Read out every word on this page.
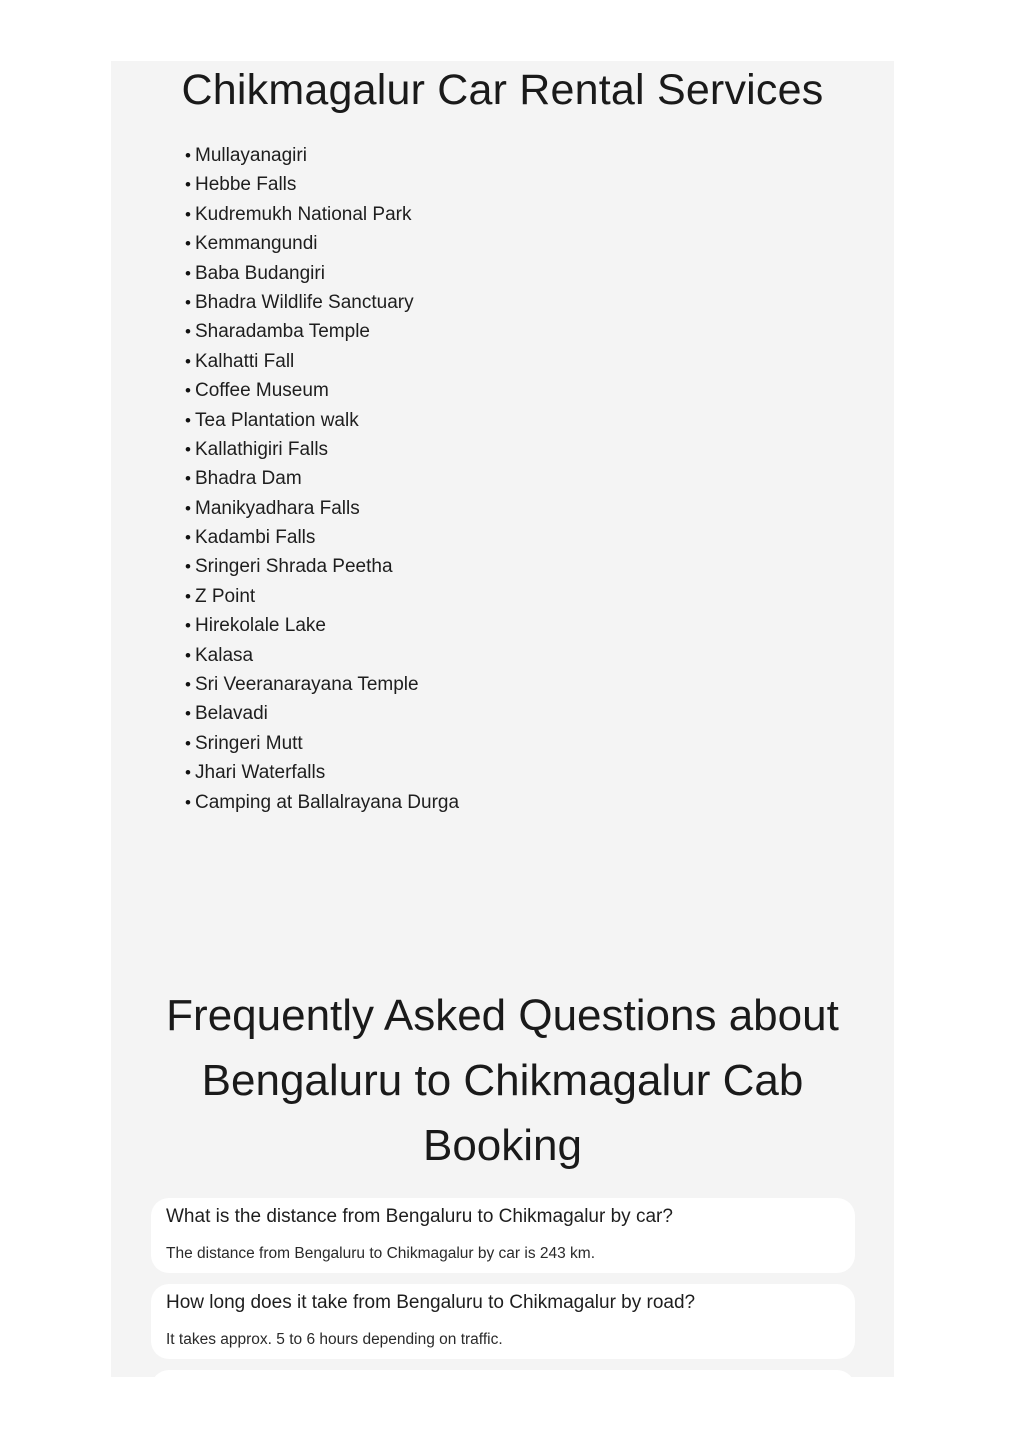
Chikmagalur Car Rental Services
• Mullayanagiri
• Hebbe Falls
• Kudremukh National Park
• Kemmangundi
• Baba Budangiri
• Bhadra Wildlife Sanctuary
• Sharadamba Temple
• Kalhatti Fall
• Coffee Museum
• Tea Plantation walk
• Kallathigiri Falls
• Bhadra Dam
• Manikyadhara Falls
• Kadambi Falls
• Sringeri Shrada Peetha
• Z Point
• Hirekolale Lake
• Kalasa
• Sri Veeranarayana Temple
• Belavadi
• Sringeri Mutt
• Jhari Waterfalls
• Camping at Ballalrayana Durga
Frequently Asked Questions about
Bengaluru to Chikmagalur Cab
Booking
What is the distance from Bengaluru to Chikmagalur by car?
The distance from Bengaluru to Chikmagalur by car is 243 km.
How long does it take from Bengaluru to Chikmagalur by road?
It takes approx. 5 to 6 hours depending on traffic.
